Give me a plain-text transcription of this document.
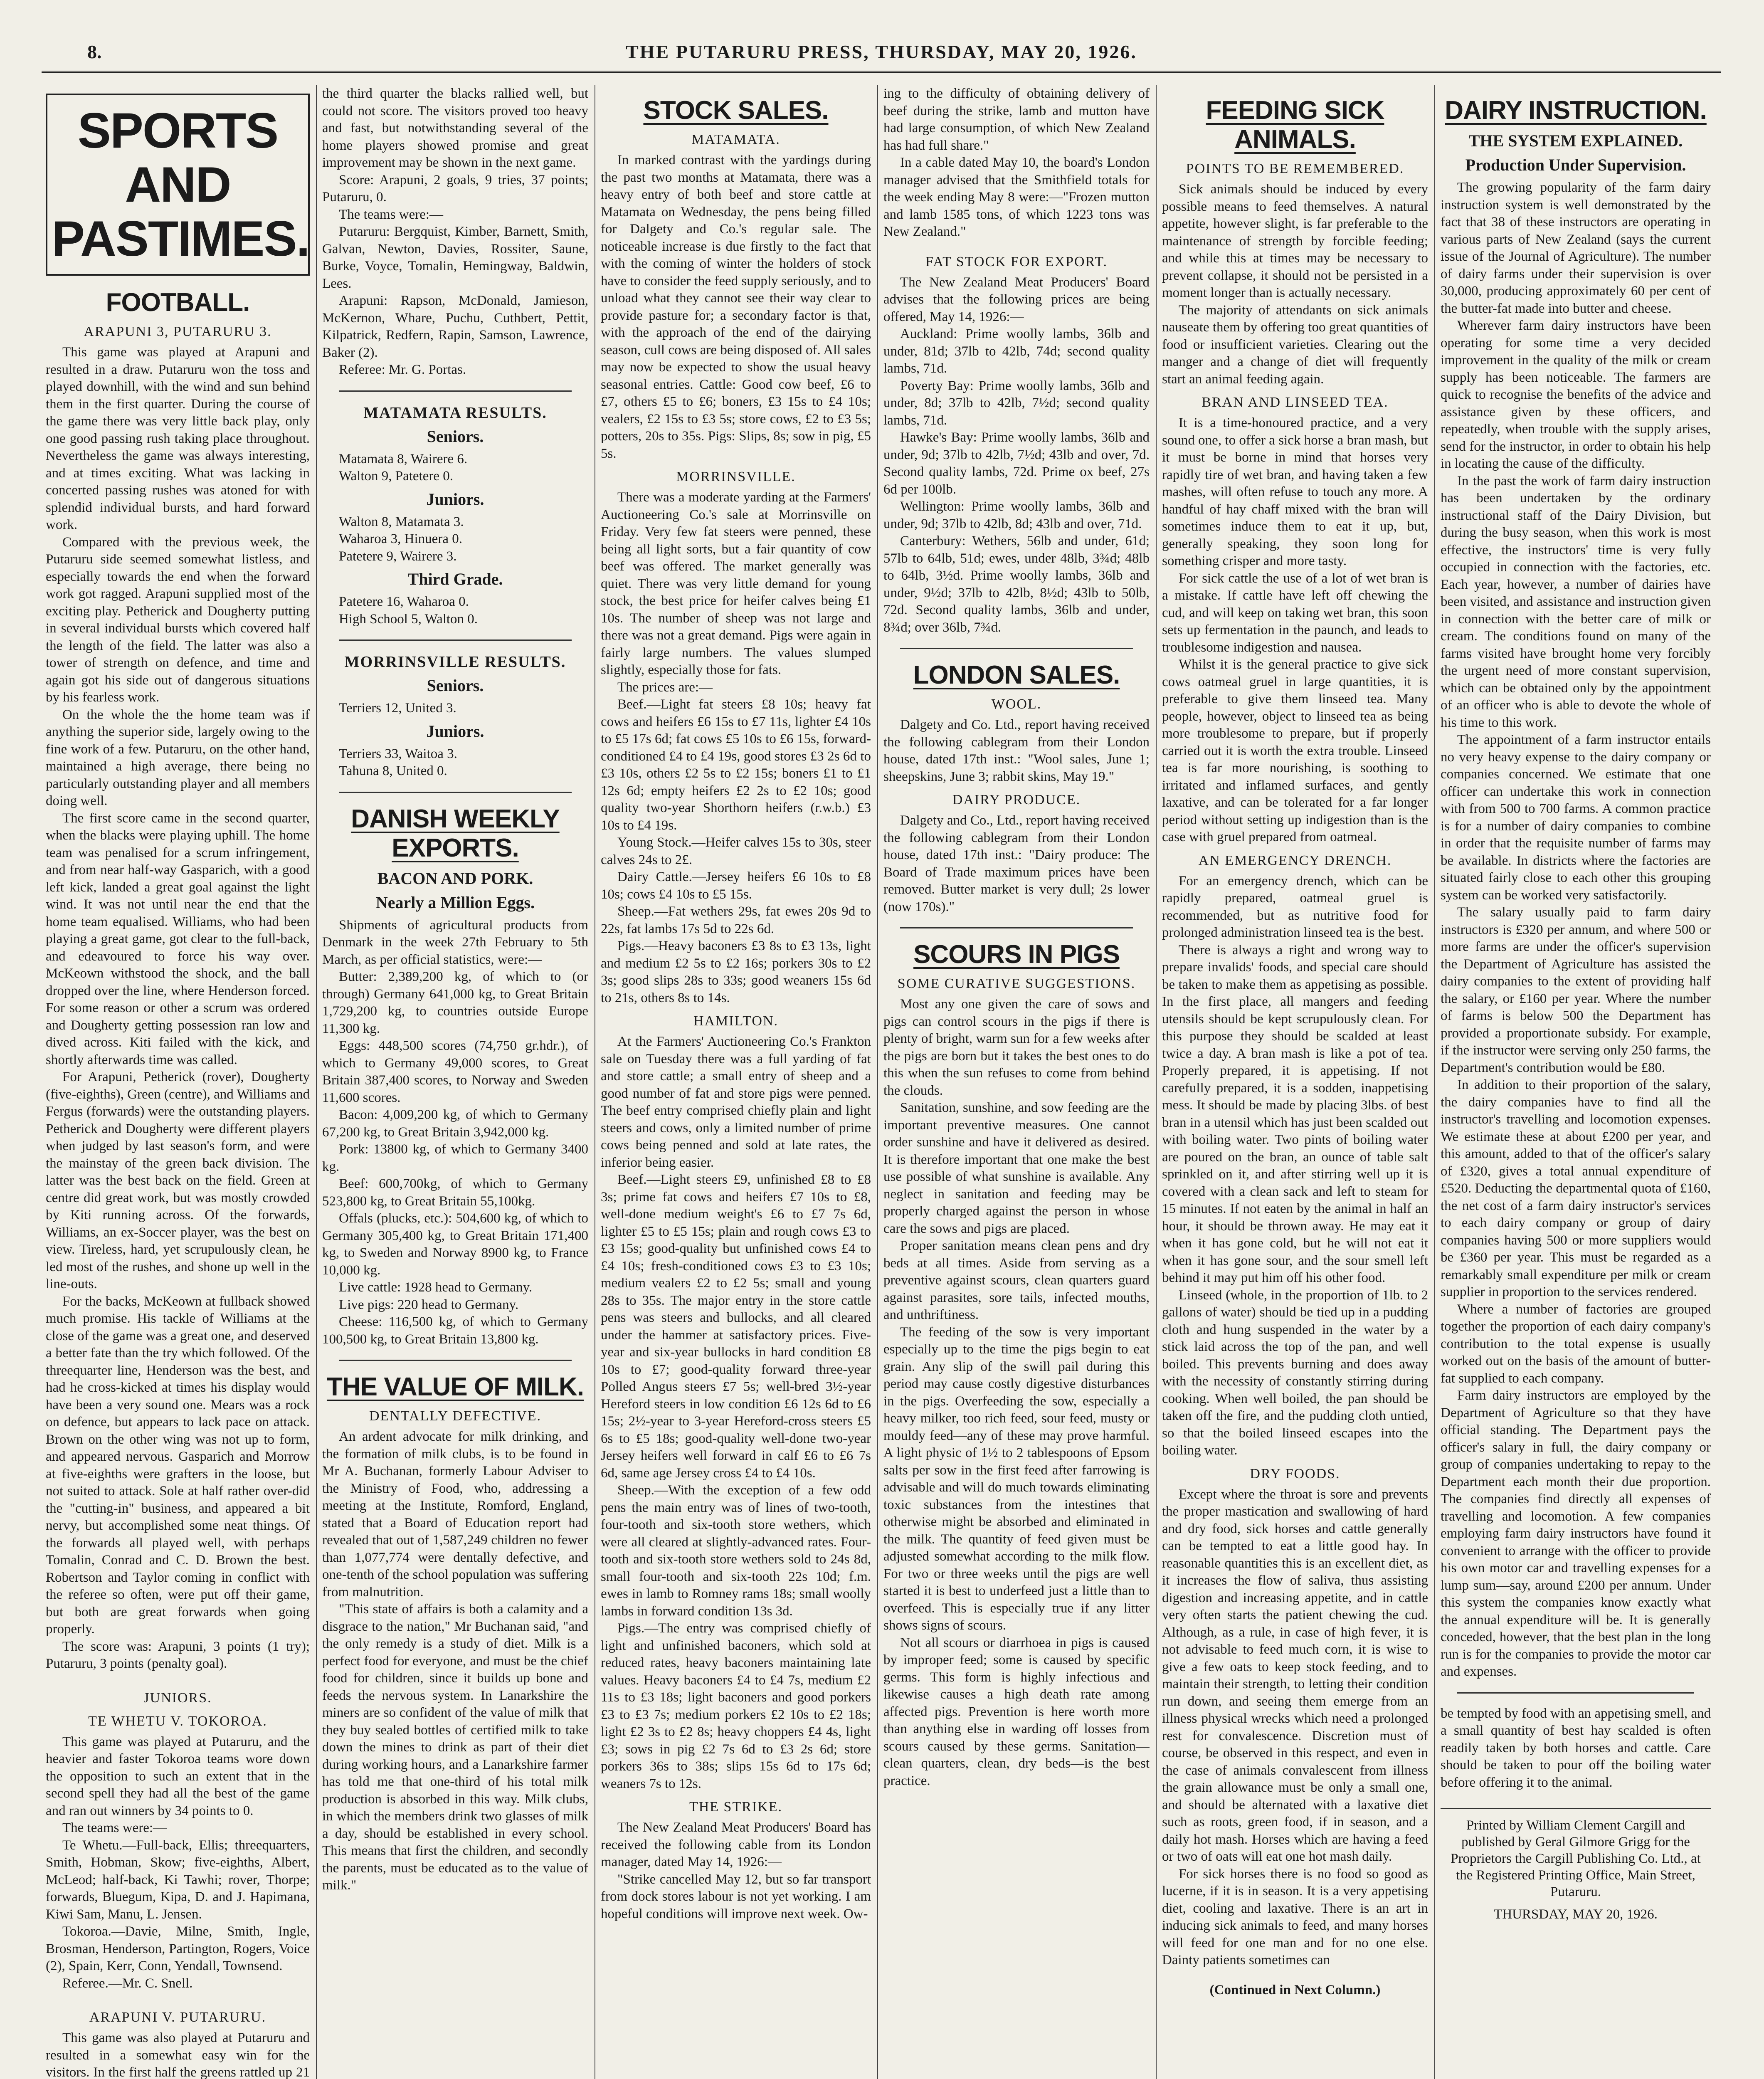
8.	THE PUTARURU PRESS, THURSDAY, MAY 20, 1926.
SPORTS AND PASTIMES.
FOOTBALL.
ARAPUNI 3, PUTARURU 3.

This game was played at Arapuni and resulted in a draw. Putaruru won the toss and played downhill, with the wind and sun behind them in the first quarter. During the course of the game there was very little back play, only one good passing rush taking place throughout. Nevertheless the game was always interesting, and at times exciting. What was lacking in concerted passing rushes was atoned for with splendid individual bursts, and hard forward work.

Compared with the previous week, the Putaruru side seemed somewhat listless, and especially towards the end when the forward work got ragged. Arapuni supplied most of the exciting play. Petherick and Dougherty putting in several individual bursts which covered half the length of the field. The latter was also a tower of strength on defence, and time and again got his side out of dangerous situations by his fearless work.

On the whole the the home team was if anything the superior side, largely owing to the fine work of a few. Putaruru, on the other hand, maintained a high average, there being no particularly outstanding player and all members doing well.

The first score came in the second quarter, when the blacks were playing uphill. The home team was penalised for a scrum infringement, and from near half-way Gasparich, with a good left kick, landed a great goal against the light wind. It was not until near the end that the home team equalised. Williams, who had been playing a great game, got clear to the full-back, and edeavoured to force his way over. McKeown withstood the shock, and the ball dropped over the line, where Henderson forced. For some reason or other a scrum was ordered and Dougherty getting possession ran low and dived across. Kiti failed with the kick, and shortly afterwards time was called.

For Arapuni, Petherick (rover), Dougherty (five-eighths), Green (centre), and Williams and Fergus (forwards) were the outstanding players. Petherick and Dougherty were different players when judged by last season's form, and were the mainstay of the green back division. The latter was the best back on the field. Green at centre did great work, but was mostly crowded by Kiti running across. Of the forwards, Williams, an ex-Soccer player, was the best on view. Tireless, hard, yet scrupulously clean, he led most of the rushes, and shone up well in the line-outs.

For the backs, McKeown at fullback showed much promise. His tackle of Williams at the close of the game was a great one, and deserved a better fate than the try which followed. Of the threequarter line, Henderson was the best, and had he cross-kicked at times his display would have been a very sound one. Mears was a rock on defence, but appears to lack pace on attack. Brown on the other wing was not up to form, and appeared nervous. Gasparich and Morrow at five-eighths were grafters in the loose, but not suited to attack. Sole at half rather over-did the "cutting-in" business, and appeared a bit nervy, but accomplished some neat things. Of the forwards all played well, with perhaps Tomalin, Conrad and C. D. Brown the best. Robertson and Taylor coming in conflict with the referee so often, were put off their game, but both are great forwards when going properly.

The score was: Arapuni, 3 points (1 try); Putaruru, 3 points (penalty goal).

JUNIORS.
TE WHETU V. TOKOROA.

This game was played at Putaruru, and the heavier and faster Tokoroa teams wore down the opposition to such an extent that in the second spell they had all the best of the game and ran out winners by 34 points to 0.

The teams were:—

Te Whetu.—Full-back, Ellis; threequarters, Smith, Hobman, Skow; five-eighths, Albert, McLeod; half-back, Ki Tawhi; rover, Thorpe; forwards, Bluegum, Kipa, D. and J. Hapimana, Kiwi Sam, Manu, L. Jensen.

Tokoroa.—Davie, Milne, Smith, Ingle, Brosman, Henderson, Partington, Rogers, Voice (2), Spain, Kerr, Conn, Yendall, Townsend.

Referee.—Mr. C. Snell.

ARAPUNI V. PUTARURU.

This game was also played at Putaruru and resulted in a somewhat easy win for the visitors. In the first half the greens rattled up 21

the third quarter the blacks rallied well, but could not score. The visitors proved too heavy and fast, but notwithstanding several of the home players showed promise and great improvement may be shown in the next game.

Score: Arapuni, 2 goals, 9 tries, 37 points; Putaruru, 0.

The teams were:—

Putaruru: Bergquist, Kimber, Barnett, Smith, Galvan, Newton, Davies, Rossiter, Saune, Burke, Voyce, Tomalin, Hemingway, Baldwin, Lees.

Arapuni: Rapson, McDonald, Jamieson, McKernon, Whare, Puchu, Cuthbert, Pettit, Kilpatrick, Redfern, Rapin, Samson, Lawrence, Baker (2).

Referee: Mr. G. Portas.

MATAMATA RESULTS.
Seniors.

Matamata 8, Wairere 6.

Walton 9, Patetere 0.

Juniors.

Walton 8, Matamata 3.

Waharoa 3, Hinuera 0.

Patetere 9, Wairere 3.

Third Grade.

Patetere 16, Waharoa 0.

High School 5, Walton 0.

MORRINSVILLE RESULTS.
Seniors.

Terriers 12, United 3.

Juniors.

Terriers 33, Waitoa 3.

Tahuna 8, United 0.

DANISH WEEKLY EXPORTS.
BACON AND PORK.
Nearly a Million Eggs.

Shipments of agricultural products from Denmark in the week 27th February to 5th March, as per official statistics, were:—

Butter: 2,389,200 kg, of which to (or through) Germany 641,000 kg, to Great Britain 1,729,200 kg, to countries outside Europe 11,300 kg.

Eggs: 448,500 scores (74,750 gr.hdr.), of which to Germany 49,000 scores, to Great Britain 387,400 scores, to Norway and Sweden 11,600 scores.

Bacon: 4,009,200 kg, of which to Germany 67,200 kg, to Great Britain 3,942,000 kg.

Pork: 13800 kg, of which to Germany 3400 kg.

Beef: 600,700kg, of which to Germany 523,800 kg, to Great Britain 55,100kg.

Offals (plucks, etc.): 504,600 kg, of which to Germany 305,400 kg, to Great Britain 171,400 kg, to Sweden and Norway 8900 kg, to France 10,000 kg.

Live cattle: 1928 head to Germany.

Live pigs: 220 head to Germany.

Cheese: 116,500 kg, of which to Germany 100,500 kg, to Great Britain 13,800 kg.

THE VALUE OF MILK.
DENTALLY DEFECTIVE.

An ardent advocate for milk drinking, and the formation of milk clubs, is to be found in Mr A. Buchanan, formerly Labour Adviser to the Ministry of Food, who, addressing a meeting at the Institute, Romford, England, stated that a Board of Education report had revealed that out of 1,587,249 children no fewer than 1,077,774 were dentally defective, and one-tenth of the school population was suffering from malnutrition.

"This state of affairs is both a calamity and a disgrace to the nation," Mr Buchanan said, "and the only remedy is a study of diet. Milk is a perfect food for everyone, and must be the chief food for children, since it builds up bone and feeds the nervous system. In Lanarkshire the miners are so confident of the value of milk that they buy sealed bottles of certified milk to take down the mines to drink as part of their diet during working hours, and a Lanarkshire farmer has told me that one-third of his total milk production is absorbed in this way. Milk clubs, in which the members drink two glasses of milk a day, should be established in every school. This means that first the children, and secondly the parents, must be educated as to the value of milk."

STOCK SALES.
MATAMATA.

In marked contrast with the yardings during the past two months at Matamata, there was a heavy entry of both beef and store cattle at Matamata on Wednesday, the pens being filled for Dalgety and Co.'s regular sale. The noticeable increase is due firstly to the fact that with the coming of winter the holders of stock have to consider the feed supply seriously, and to unload what they cannot see their way clear to provide pasture for; a secondary factor is that, with the approach of the end of the dairying season, cull cows are being disposed of. All sales may now be expected to show the usual heavy seasonal entries. Cattle: Good cow beef, £6 to £7, others £5 to £6; boners, £3 15s to £4 10s; vealers, £2 15s to £3 5s; store cows, £2 to £3 5s; potters, 20s to 35s. Pigs: Slips, 8s; sow in pig, £5 5s.

MORRINSVILLE.

There was a moderate yarding at the Farmers' Auctioneering Co.'s sale at Morrinsville on Friday. Very few fat steers were penned, these being all light sorts, but a fair quantity of cow beef was offered. The market generally was quiet. There was very little demand for young stock, the best price for heifer calves being £1 10s. The number of sheep was not large and there was not a great demand. Pigs were again in fairly large numbers. The values slumped slightly, especially those for fats.

The prices are:—

Beef.—Light fat steers £8 10s; heavy fat cows and heifers £6 15s to £7 11s, lighter £4 10s to £5 17s 6d; fat cows £5 10s to £6 15s, forward-conditioned £4 to £4 19s, good stores £3 2s 6d to £3 10s, others £2 5s to £2 15s; boners £1 to £1 12s 6d; empty heifers £2 2s to £2 10s; good quality two-year Shorthorn heifers (r.w.b.) £3 10s to £4 19s.

Young Stock.—Heifer calves 15s to 30s, steer calves 24s to 2£.

Dairy Cattle.—Jersey heifers £6 10s to £8 10s; cows £4 10s to £5 15s.

Sheep.—Fat wethers 29s, fat ewes 20s 9d to 22s, fat lambs 17s 5d to 22s 6d.

Pigs.—Heavy baconers £3 8s to £3 13s, light and medium £2 5s to £2 16s; porkers 30s to £2 3s; good slips 28s to 33s; good weaners 15s 6d to 21s, others 8s to 14s.

HAMILTON.

At the Farmers' Auctioneering Co.'s Frankton sale on Tuesday there was a full yarding of fat and store cattle; a small entry of sheep and a good number of fat and store pigs were penned. The beef entry comprised chiefly plain and light steers and cows, only a limited number of prime cows being penned and sold at late rates, the inferior being easier.

Beef.—Light steers £9, unfinished £8 to £8 3s; prime fat cows and heifers £7 10s to £8, well-done medium weight's £6 to £7 7s 6d, lighter £5 to £5 15s; plain and rough cows £3 to £3 15s; good-quality but unfinished cows £4 to £4 10s; fresh-conditioned cows £3 to £3 10s; medium vealers £2 to £2 5s; small and young 28s to 35s. The major entry in the store cattle pens was steers and bullocks, and all cleared under the hammer at satisfactory prices. Five-year and six-year bullocks in hard condition £8 10s to £7; good-quality forward three-year Polled Angus steers £7 5s; well-bred 3½-year Hereford steers in low condition £6 12s 6d to £6 15s; 2½-year to 3-year Hereford-cross steers £5 6s to £5 18s; good-quality well-done two-year Jersey heifers well forward in calf £6 to £6 7s 6d, same age Jersey cross £4 to £4 10s.

Sheep.—With the exception of a few odd pens the main entry was of lines of two-tooth, four-tooth and six-tooth store wethers, which were all cleared at slightly-advanced rates. Four-tooth and six-tooth store wethers sold to 24s 8d, small four-tooth and six-tooth 22s 10d; f.m. ewes in lamb to Romney rams 18s; small woolly lambs in forward condition 13s 3d.

Pigs.—The entry was comprised chiefly of light and unfinished baconers, which sold at reduced rates, heavy baconers maintaining late values. Heavy baconers £4 to £4 7s, medium £2 11s to £3 18s; light baconers and good porkers £3 to £3 7s; medium porkers £2 10s to £2 18s; light £2 3s to £2 8s; heavy choppers £4 4s, light £3; sows in pig £2 7s 6d to £3 2s 6d; store porkers 36s to 38s; slips 15s 6d to 17s 6d; weaners 7s to 12s.

THE STRIKE.

The New Zealand Meat Producers' Board has received the following cable from its London manager, dated May 14, 1926:—

"Strike cancelled May 12, but so far transport from dock stores labour is not yet working. I am hopeful conditions will improve next week. Ow-

ing to the difficulty of obtaining delivery of beef during the strike, lamb and mutton have had large consumption, of which New Zealand has had full share."

In a cable dated May 10, the board's London manager advised that the Smithfield totals for the week ending May 8 were:—"Frozen mutton and lamb 1585 tons, of which 1223 tons was New Zealand."

FAT STOCK FOR EXPORT.

The New Zealand Meat Producers' Board advises that the following prices are being offered, May 14, 1926:—

Auckland: Prime woolly lambs, 36lb and under, 81d; 37lb to 42lb, 74d; second quality lambs, 71d.

Poverty Bay: Prime woolly lambs, 36lb and under, 8d; 37lb to 42lb, 7½d; second quality lambs, 71d.

Hawke's Bay: Prime woolly lambs, 36lb and under, 9d; 37lb to 42lb, 7½d; 43lb and over, 7d. Second quality lambs, 72d. Prime ox beef, 27s 6d per 100lb.

Wellington: Prime woolly lambs, 36lb and under, 9d; 37lb to 42lb, 8d; 43lb and over, 71d.

Canterbury: Wethers, 56lb and under, 61d; 57lb to 64lb, 51d; ewes, under 48lb, 3¾d; 48lb to 64lb, 3½d. Prime woolly lambs, 36lb and under, 9½d; 37lb to 42lb, 8½d; 43lb to 50lb, 72d. Second quality lambs, 36lb and under, 8¾d; over 36lb, 7¾d.

LONDON SALES.
WOOL.

Dalgety and Co. Ltd., report having received the following cablegram from their London house, dated 17th inst.: "Wool sales, June 1; sheepskins, June 3; rabbit skins, May 19."

DAIRY PRODUCE.

Dalgety and Co., Ltd., report having received the following cablegram from their London house, dated 17th inst.: "Dairy produce: The Board of Trade maximum prices have been removed. Butter market is very dull; 2s lower (now 170s)."

SCOURS IN PIGS
SOME CURATIVE SUGGESTIONS.

Most any one given the care of sows and pigs can control scours in the pigs if there is plenty of bright, warm sun for a few weeks after the pigs are born but it takes the best ones to do this when the sun refuses to come from behind the clouds.

Sanitation, sunshine, and sow feeding are the important preventive measures. One cannot order sunshine and have it delivered as desired. It is therefore important that one make the best use possible of what sunshine is available. Any neglect in sanitation and feeding may be properly charged against the person in whose care the sows and pigs are placed.

Proper sanitation means clean pens and dry beds at all times. Aside from serving as a preventive against scours, clean quarters guard against parasites, sore tails, infected mouths, and unthriftiness.

The feeding of the sow is very important especially up to the time the pigs begin to eat grain. Any slip of the swill pail during this period may cause costly digestive disturbances in the pigs. Overfeeding the sow, especially a heavy milker, too rich feed, sour feed, musty or mouldy feed—any of these may prove harmful. A light physic of 1½ to 2 tablespoons of Epsom salts per sow in the first feed after farrowing is advisable and will do much towards eliminating toxic substances from the intestines that otherwise might be absorbed and eliminated in the milk. The quantity of feed given must be adjusted somewhat according to the milk flow. For two or three weeks until the pigs are well started it is best to underfeed just a little than to overfeed. This is especially true if any litter shows signs of scours.

Not all scours or diarrhoea in pigs is caused by improper feed; some is caused by specific germs. This form is highly infectious and likewise causes a high death rate among affected pigs. Prevention is here worth more than anything else in warding off losses from scours caused by these germs. Sanitation—clean quarters, clean, dry beds—is the best practice.

FEEDING SICK ANIMALS.
POINTS TO BE REMEMBERED.

Sick animals should be induced by every possible means to feed themselves. A natural appetite, however slight, is far preferable to the maintenance of strength by forcible feeding; and while this at times may be necessary to prevent collapse, it should not be persisted in a moment longer than is actually necessary.

The majority of attendants on sick animals nauseate them by offering too great quantities of food or insufficient varieties. Clearing out the manger and a change of diet will frequently start an animal feeding again.

BRAN AND LINSEED TEA.

It is a time-honoured practice, and a very sound one, to offer a sick horse a bran mash, but it must be borne in mind that horses very rapidly tire of wet bran, and having taken a few mashes, will often refuse to touch any more. A handful of hay chaff mixed with the bran will sometimes induce them to eat it up, but, generally speaking, they soon long for something crisper and more tasty.

For sick cattle the use of a lot of wet bran is a mistake. If cattle have left off chewing the cud, and will keep on taking wet bran, this soon sets up fermentation in the paunch, and leads to troublesome indigestion and nausea.

Whilst it is the general practice to give sick cows oatmeal gruel in large quantities, it is preferable to give them linseed tea. Many people, however, object to linseed tea as being more troublesome to prepare, but if properly carried out it is worth the extra trouble. Linseed tea is far more nourishing, is soothing to irritated and inflamed surfaces, and gently laxative, and can be tolerated for a far longer period without setting up indigestion than is the case with gruel prepared from oatmeal.

AN EMERGENCY DRENCH.

For an emergency drench, which can be rapidly prepared, oatmeal gruel is recommended, but as nutritive food for prolonged administration linseed tea is the best.

There is always a right and wrong way to prepare invalids' foods, and special care should be taken to make them as appetising as possible. In the first place, all mangers and feeding utensils should be kept scrupulously clean. For this purpose they should be scalded at least twice a day. A bran mash is like a pot of tea. Properly prepared, it is appetising. If not carefully prepared, it is a sodden, inappetising mess. It should be made by placing 3lbs. of best bran in a utensil which has just been scalded out with boiling water. Two pints of boiling water are poured on the bran, an ounce of table salt sprinkled on it, and after stirring well up it is covered with a clean sack and left to steam for 15 minutes. If not eaten by the animal in half an hour, it should be thrown away. He may eat it when it has gone cold, but he will not eat it when it has gone sour, and the sour smell left behind it may put him off his other food.

Linseed (whole, in the proportion of 1lb. to 2 gallons of water) should be tied up in a pudding cloth and hung suspended in the water by a stick laid across the top of the pan, and well boiled. This prevents burning and does away with the necessity of constantly stirring during cooking. When well boiled, the pan should be taken off the fire, and the pudding cloth untied, so that the boiled linseed escapes into the boiling water.

DRY FOODS.

Except where the throat is sore and prevents the proper mastication and swallowing of hard and dry food, sick horses and cattle generally can be tempted to eat a little good hay. In reasonable quantities this is an excellent diet, as it increases the flow of saliva, thus assisting digestion and increasing appetite, and in cattle very often starts the patient chewing the cud. Although, as a rule, in case of high fever, it is not advisable to feed much corn, it is wise to give a few oats to keep stock feeding, and to maintain their strength, to letting their condition run down, and seeing them emerge from an illness physical wrecks which need a prolonged rest for convalescence. Discretion must of course, be observed in this respect, and even in the case of animals convalescent from illness the grain allowance must be only a small one, and should be alternated with a laxative diet such as roots, green food, if in season, and a daily hot mash. Horses which are having a feed or two of oats will eat one hot mash daily.

For sick horses there is no food so good as lucerne, if it is in season. It is a very appetising diet, cooling and laxative. There is an art in inducing sick animals to feed, and many horses will feed for one man and for no one else. Dainty patients sometimes can

(Continued in Next Column.)
DAIRY INSTRUCTION.
THE SYSTEM EXPLAINED.
Production Under Supervision.

The growing popularity of the farm dairy instruction system is well demonstrated by the fact that 38 of these instructors are operating in various parts of New Zealand (says the current issue of the Journal of Agriculture). The number of dairy farms under their supervision is over 30,000, producing approximately 60 per cent of the butter-fat made into butter and cheese.

Wherever farm dairy instructors have been operating for some time a very decided improvement in the quality of the milk or cream supply has been noticeable. The farmers are quick to recognise the benefits of the advice and assistance given by these officers, and repeatedly, when trouble with the supply arises, send for the instructor, in order to obtain his help in locating the cause of the difficulty.

In the past the work of farm dairy instruction has been undertaken by the ordinary instructional staff of the Dairy Division, but during the busy season, when this work is most effective, the instructors' time is very fully occupied in connection with the factories, etc. Each year, however, a number of dairies have been visited, and assistance and instruction given in connection with the better care of milk or cream. The conditions found on many of the farms visited have brought home very forcibly the urgent need of more constant supervision, which can be obtained only by the appointment of an officer who is able to devote the whole of his time to this work.

The appointment of a farm instructor entails no very heavy expense to the dairy company or companies concerned. We estimate that one officer can undertake this work in connection with from 500 to 700 farms. A common practice is for a number of dairy companies to combine in order that the requisite number of farms may be available. In districts where the factories are situated fairly close to each other this grouping system can be worked very satisfactorily.

The salary usually paid to farm dairy instructors is £320 per annum, and where 500 or more farms are under the officer's supervision the Department of Agriculture has assisted the dairy companies to the extent of providing half the salary, or £160 per year. Where the number of farms is below 500 the Department has provided a proportionate subsidy. For example, if the instructor were serving only 250 farms, the Department's contribution would be £80.

In addition to their proportion of the salary, the dairy companies have to find all the instructor's travelling and locomotion expenses. We estimate these at about £200 per year, and this amount, added to that of the officer's salary of £320, gives a total annual expenditure of £520. Deducting the departmental quota of £160, the net cost of a farm dairy instructor's services to each dairy company or group of dairy companies having 500 or more suppliers would be £360 per year. This must be regarded as a remarkably small expenditure per milk or cream supplier in proportion to the services rendered.

Where a number of factories are grouped together the proportion of each dairy company's contribution to the total expense is usually worked out on the basis of the amount of butter-fat supplied to each company.

Farm dairy instructors are employed by the Department of Agriculture so that they have official standing. The Department pays the officer's salary in full, the dairy company or group of companies undertaking to repay to the Department each month their due proportion. The companies find directly all expenses of travelling and locomotion. A few companies employing farm dairy instructors have found it convenient to arrange with the officer to provide his own motor car and travelling expenses for a lump sum—say, around £200 per annum. Under this system the companies know exactly what the annual expenditure will be. It is generally conceded, however, that the best plan in the long run is for the companies to provide the motor car and expenses.

be tempted by food with an appetising smell, and a small quantity of best hay scalded is often readily taken by both horses and cattle. Care should be taken to pour off the boiling water before offering it to the animal.

Printed by William Clement Cargill and published by Geral Gilmore Grigg for the Proprietors the Cargill Publishing Co. Ltd., at the Registered Printing Office, Main Street, Putaruru.
THURSDAY, MAY 20, 1926.
